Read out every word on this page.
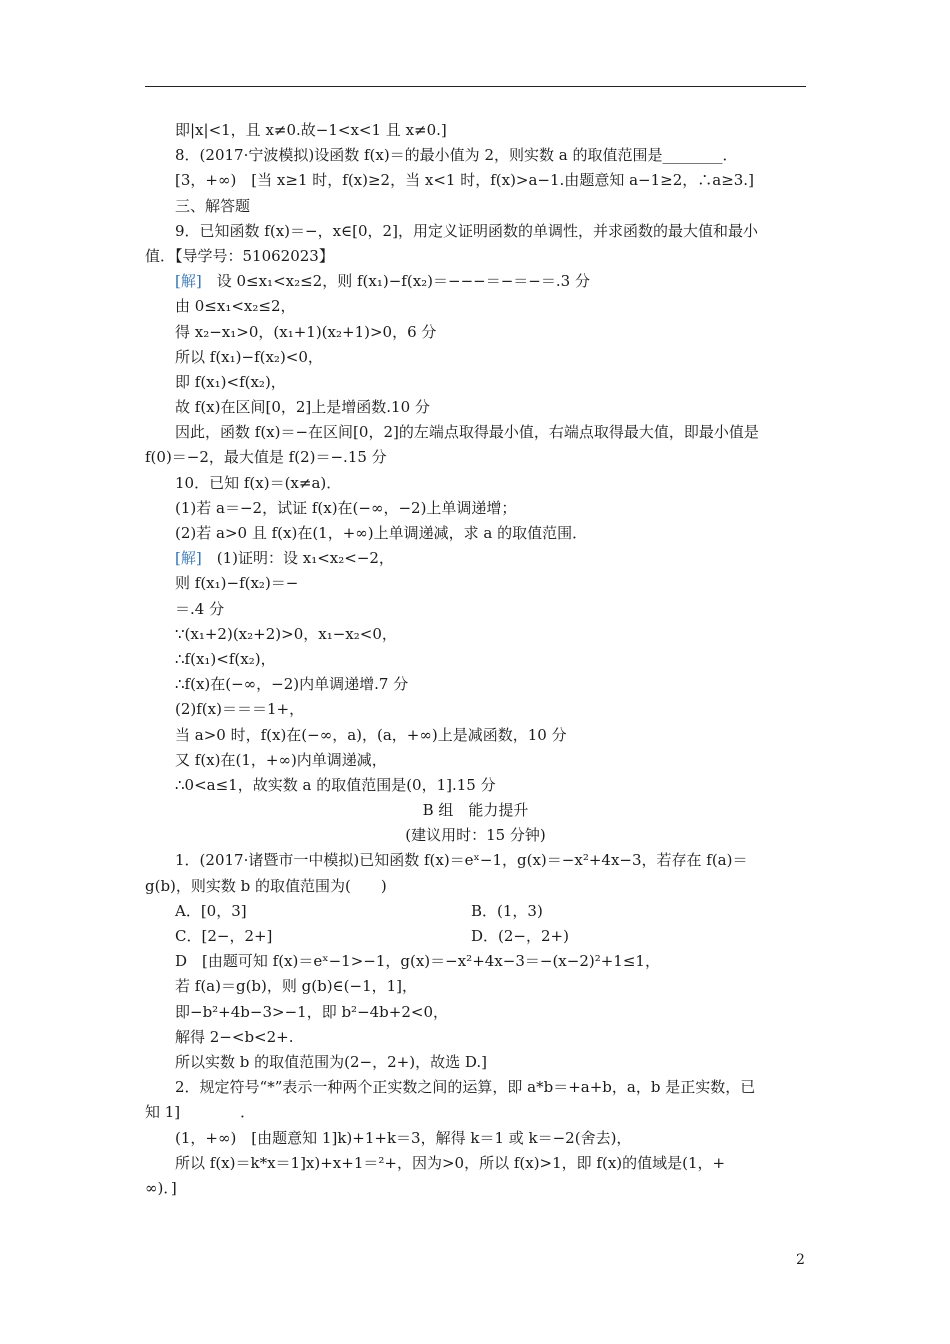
即|x|<1，且 x≠0.故−1<x<1 且 x≠0.]
8．(2017·宁波模拟)设函数 f(x)＝的最小值为 2，则实数 a 的取值范围是________．
[3，+∞)　[当 x≥1 时，f(x)≥2，当 x<1 时，f(x)>a−1.由题意知 a−1≥2，∴a≥3.]
三、解答题
9．已知函数 f(x)＝−，x∈[0，2]，用定义证明函数的单调性，并求函数的最大值和最小
值．【导学号：51062023】
[解]　设 0≤x₁<x₂≤2，则 f(x₁)−f(x₂)＝−−−＝−＝−＝.3 分
由 0≤x₁<x₂≤2，
得 x₂−x₁>0，(x₁+1)(x₂+1)>0，6 分
所以 f(x₁)−f(x₂)<0，
即 f(x₁)<f(x₂)，
故 f(x)在区间[0，2]上是增函数.10 分
因此，函数 f(x)＝−在区间[0，2]的左端点取得最小值，右端点取得最大值，即最小值是
f(0)＝−2，最大值是 f(2)＝−.15 分
10．已知 f(x)＝(x≠a)．
(1)若 a＝−2，试证 f(x)在(−∞，−2)上单调递增；
(2)若 a>0 且 f(x)在(1，+∞)上单调递减，求 a 的取值范围．
[解]　(1)证明：设 x₁<x₂<−2，
则 f(x₁)−f(x₂)＝−
＝.4 分
∵(x₁+2)(x₂+2)>0，x₁−x₂<0，
∴f(x₁)<f(x₂)，
∴f(x)在(−∞，−2)内单调递增.7 分
(2)f(x)＝＝＝1+，
当 a>0 时，f(x)在(−∞，a)，(a，+∞)上是减函数，10 分
又 f(x)在(1，+∞)内单调递减，
∴0<a≤1，故实数 a 的取值范围是(0，1].15 分
B 组　能力提升
(建议用时：15 分钟)
1．(2017·诸暨市一中模拟)已知函数 f(x)＝eˣ−1，g(x)＝−x²+4x−3，若存在 f(a)＝
g(b)，则实数 b 的取值范围为(　　)
A．[0，3]	B．(1，3)
C．[2−，2+]	D．(2−，2+)
D　[由题可知 f(x)＝eˣ−1>−1，g(x)＝−x²+4x−3＝−(x−2)²+1≤1，
若 f(a)＝g(b)，则 g(b)∈(−1，1]，
即−b²+4b−3>−1，即 b²−4b+2<0，
解得 2−<b<2+.
所以实数 b 的取值范围为(2−，2+)，故选 D.]
2．规定符号“*”表示一种两个正实数之间的运算，即 a*b＝+a+b，a，b 是正实数，已
知 1]　　　　．
(1，+∞)　[由题意知 1]k)+1+k＝3，解得 k＝1 或 k＝−2(舍去)，
所以 f(x)＝k*x＝1]x)+x+1＝²+，因为>0，所以 f(x)>1，即 f(x)的值域是(1，+
∞)．]
2
